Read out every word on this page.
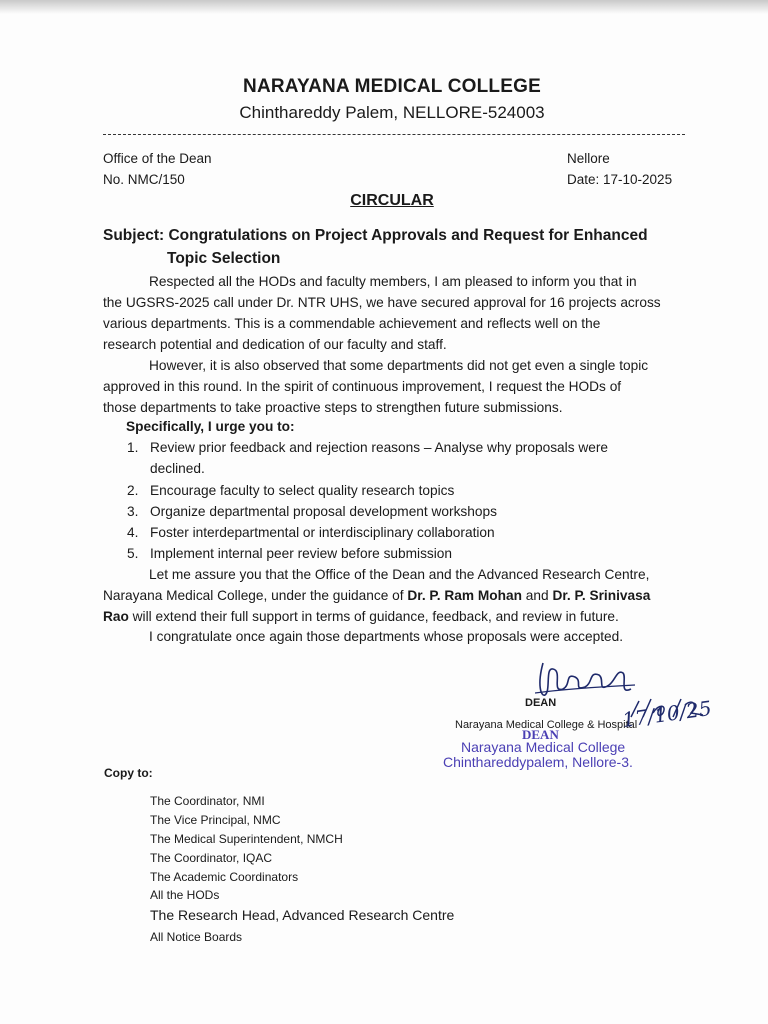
NARAYANA MEDICAL COLLEGE
Chinthareddy Palem, NELLORE-524003
Office of the Dean
No. NMC/150
Nellore
Date: 17-10-2025
CIRCULAR
Subject: Congratulations on Project Approvals and Request for Enhanced
Topic Selection
Respected all the HODs and faculty members, I am pleased to inform you that in
the UGSRS-2025 call under Dr. NTR UHS, we have secured approval for 16 projects across
various departments. This is a commendable achievement and reflects well on the
research potential and dedication of our faculty and staff.
However, it is also observed that some departments did not get even a single topic
approved in this round. In the spirit of continuous improvement, I request the HODs of
those departments to take proactive steps to strengthen future submissions.
Specifically, I urge you to:
1. Review prior feedback and rejection reasons – Analyse why proposals were
declined.
2. Encourage faculty to select quality research topics
3. Organize departmental proposal development workshops
4. Foster interdepartmental or interdisciplinary collaboration
5. Implement internal peer review before submission
Let me assure you that the Office of the Dean and the Advanced Research Centre,
Narayana Medical College, under the guidance of Dr. P. Ram Mohan and Dr. P. Srinivasa
Rao will extend their full support in terms of guidance, feedback, and review in future.
I congratulate once again those departments whose proposals were accepted.
DEAN
Narayana Medical College & Hospital
DEAN
Narayana Medical College
Chinthareddypalem, Nellore-3.
Copy to:
The Coordinator, NMI
The Vice Principal, NMC
The Medical Superintendent, NMCH
The Coordinator, IQAC
The Academic Coordinators
All the HODs
The Research Head, Advanced Research Centre
All Notice Boards
17/10/25
